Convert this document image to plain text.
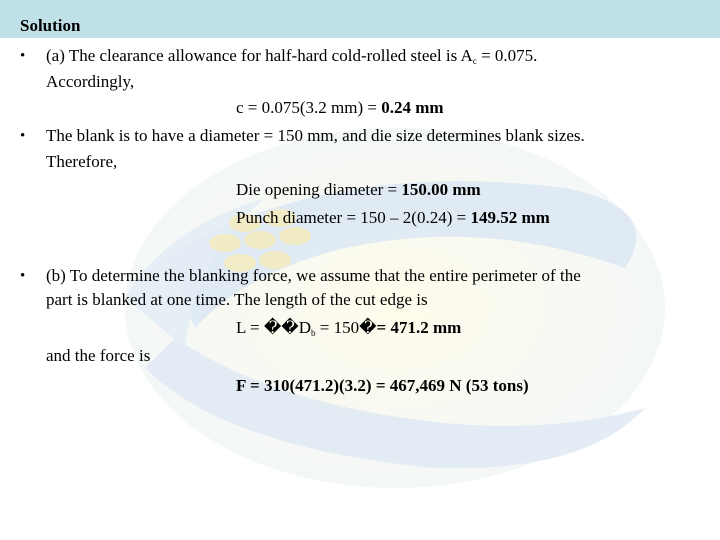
Solution
• (a) The clearance allowance for half-hard cold-rolled steel is $A_c = 0.075$.
Accordingly,
c = 0.075(3.2 mm) = 0.24 mm
• The blank is to have a diameter = 150 mm, and die size determines blank sizes.
Therefore,
Die opening diameter = 150.00 mm
Punch diameter = 150 – 2(0.24) = 149.52 mm
• (b) To determine the blanking force, we assume that the entire perimeter of the
part is blanked at one time. The length of the cut edge is
$L = ��D_b$ = 150�= 471.2 mm
and the force is
F = 310(471.2)(3.2) = 467,469 N (53 tons)
